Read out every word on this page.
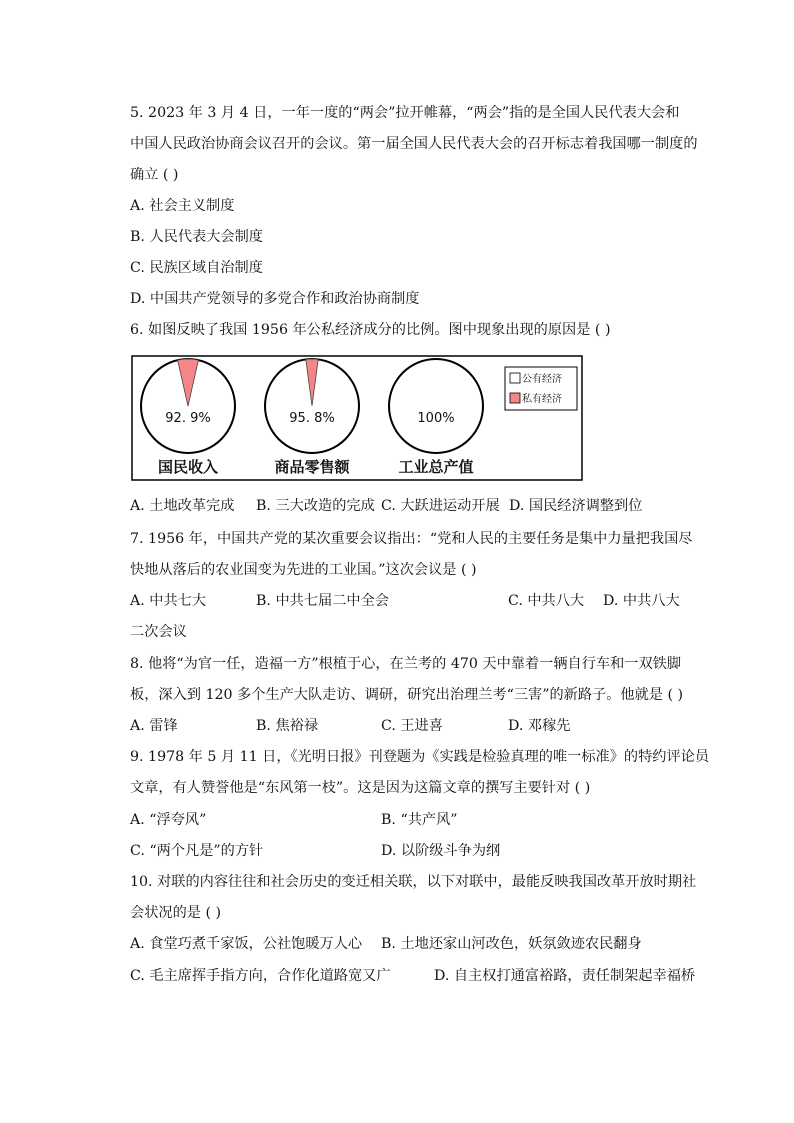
5. 2023 年 3 月 4 日，一年一度的“两会”拉开帷幕，“两会”指的是全国人民代表大会和
中国人民政治协商会议召开的会议。第一届全国人民代表大会的召开标志着我国哪一制度的
确立 ( )
A. 社会主义制度
B. 人民代表大会制度
C. 民族区域自治制度
D. 中国共产党领导的多党合作和政治协商制度
6. 如图反映了我国 1956 年公私经济成分的比例。图中现象出现的原因是 ( )
92. 9%
国民收入
95. 8%
商品零售额
100%
工业总产值
公有经济
私有经济
A. 土地改革完成 B. 三大改造的完成 C. 大跃进运动开展 D. 国民经济调整到位
7. 1956 年，中国共产党的某次重要会议指出：“党和人民的主要任务是集中力量把我国尽
快地从落后的农业国变为先进的工业国。”这次会议是 ( )
A. 中共七大	B. 中共七届二中全会	C. 中共八大 D. 中共八大
二次会议
8. 他将“为官一任，造福一方”根植于心，在兰考的 470 天中靠着一辆自行车和一双铁脚
板，深入到 120 多个生产大队走访、调研，研究出治理兰考“三害”的新路子。他就是 ( )
A. 雷锋	B. 焦裕禄	C. 王进喜	D. 邓稼先
9. 1978 年 5 月 11 日，《光明日报》刊登题为《实践是检验真理的唯一标准》的特约评论员
文章，有人赞誉他是“东风第一枝”。这是因为这篇文章的撰写主要针对 ( )
A. “浮夸风”	B. “共产风”
C. “两个凡是”的方针	D. 以阶级斗争为纲
10. 对联的内容往往和社会历史的变迁相关联，以下对联中，最能反映我国改革开放时期社
会状况的是 ( )
A. 食堂巧煮千家饭，公社饱暖万人心 B. 土地还家山河改色，妖氛敛迹农民翻身
C. 毛主席挥手指方向，合作化道路宽又广	D. 自主权打通富裕路，责任制架起幸福桥
